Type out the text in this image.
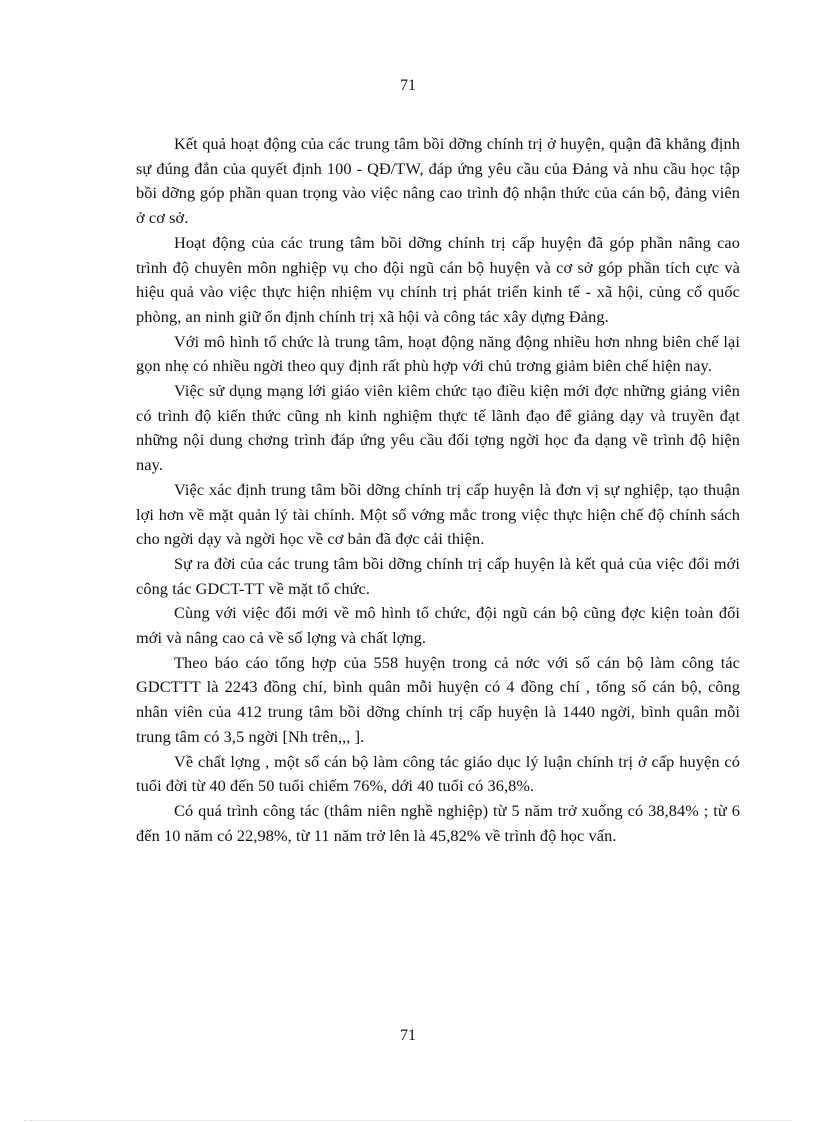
71

Kết quả hoạt động của các trung tâm bồi dỡng chính trị ở huyện, quận đã khẳng định sự đúng đắn của quyết định 100 - QĐ/TW, đáp ứng yêu cầu của Đảng và nhu cầu học tập bồi dỡng góp phần quan trọng vào việc nâng cao trình độ nhận thức của cán bộ, đảng viên ở cơ sở.

Hoạt động của các trung tâm bồi dỡng chính trị cấp huyện đã góp phần nâng cao trình độ chuyên môn nghiệp vụ cho đội ngũ cán bộ huyện và cơ sở góp phần tích cực và hiệu quả vào việc thực hiện nhiệm vụ chính trị phát triển kinh tế - xã hội, củng cố quốc phòng, an ninh giữ ổn định chính trị xã hội và công tác xây dựng Đảng.

Với mô hình tổ chức là trung tâm, hoạt động năng động nhiều hơn nhng biên chế lại gọn nhẹ có nhiều ngời theo quy định rất phù hợp với chủ trơng giảm biên chế hiện nay.

Việc sử dụng mạng lới giáo viên kiêm chức tạo điều kiện mới đợc những giảng viên có trình độ kiến thức cũng nh kinh nghiệm thực tế lãnh đạo để giảng dạy và truyền đạt những nội dung chơng trình đáp ứng yêu cầu đối tợng ngời học đa dạng về trình độ hiện nay.

Việc xác định trung tâm bồi dỡng chính trị cấp huyện là đơn vị sự nghiệp, tạo thuận lợi hơn về mặt quản lý tài chính. Một số vớng mắc trong việc thực hiện chế độ chính sách cho ngời dạy và ngời học về cơ bản đã đợc cải thiện.

Sự ra đời của các trung tâm bồi dỡng chính trị cấp huyện là kết quả của việc đổi mới công tác GDCT-TT về mặt tổ chức.

Cùng với việc đổi mới về mô hình tổ chức, đội ngũ cán bộ cũng đợc kiện toàn đổi mới và nâng cao cả về số lợng và chất lợng.

Theo báo cáo tổng hợp của 558 huyện trong cả nớc với số cán bộ làm công tác GDCTTT là 2243 đồng chí, bình quân mỗi huyện có 4 đồng chí , tổng số cán bộ, công nhân viên của 412 trung tâm bồi dỡng chính trị cấp huyện là 1440 ngời, bình quân mỗi trung tâm có 3,5 ngời [Nh trên,,, ].

Về chất lợng , một số cán bộ làm công tác giáo dục lý luận chính trị ở cấp huyện có tuổi đời từ 40 đến 50 tuổi chiếm 76%, dới 40 tuổi có 36,8%.

Có quá trình công tác (thâm niên nghề nghiệp) từ 5 năm trở xuống có 38,84% ; từ 6 đến 10 năm có 22,98%, từ 11 năm trở lên là 45,82% về trình độ học vấn.

71
